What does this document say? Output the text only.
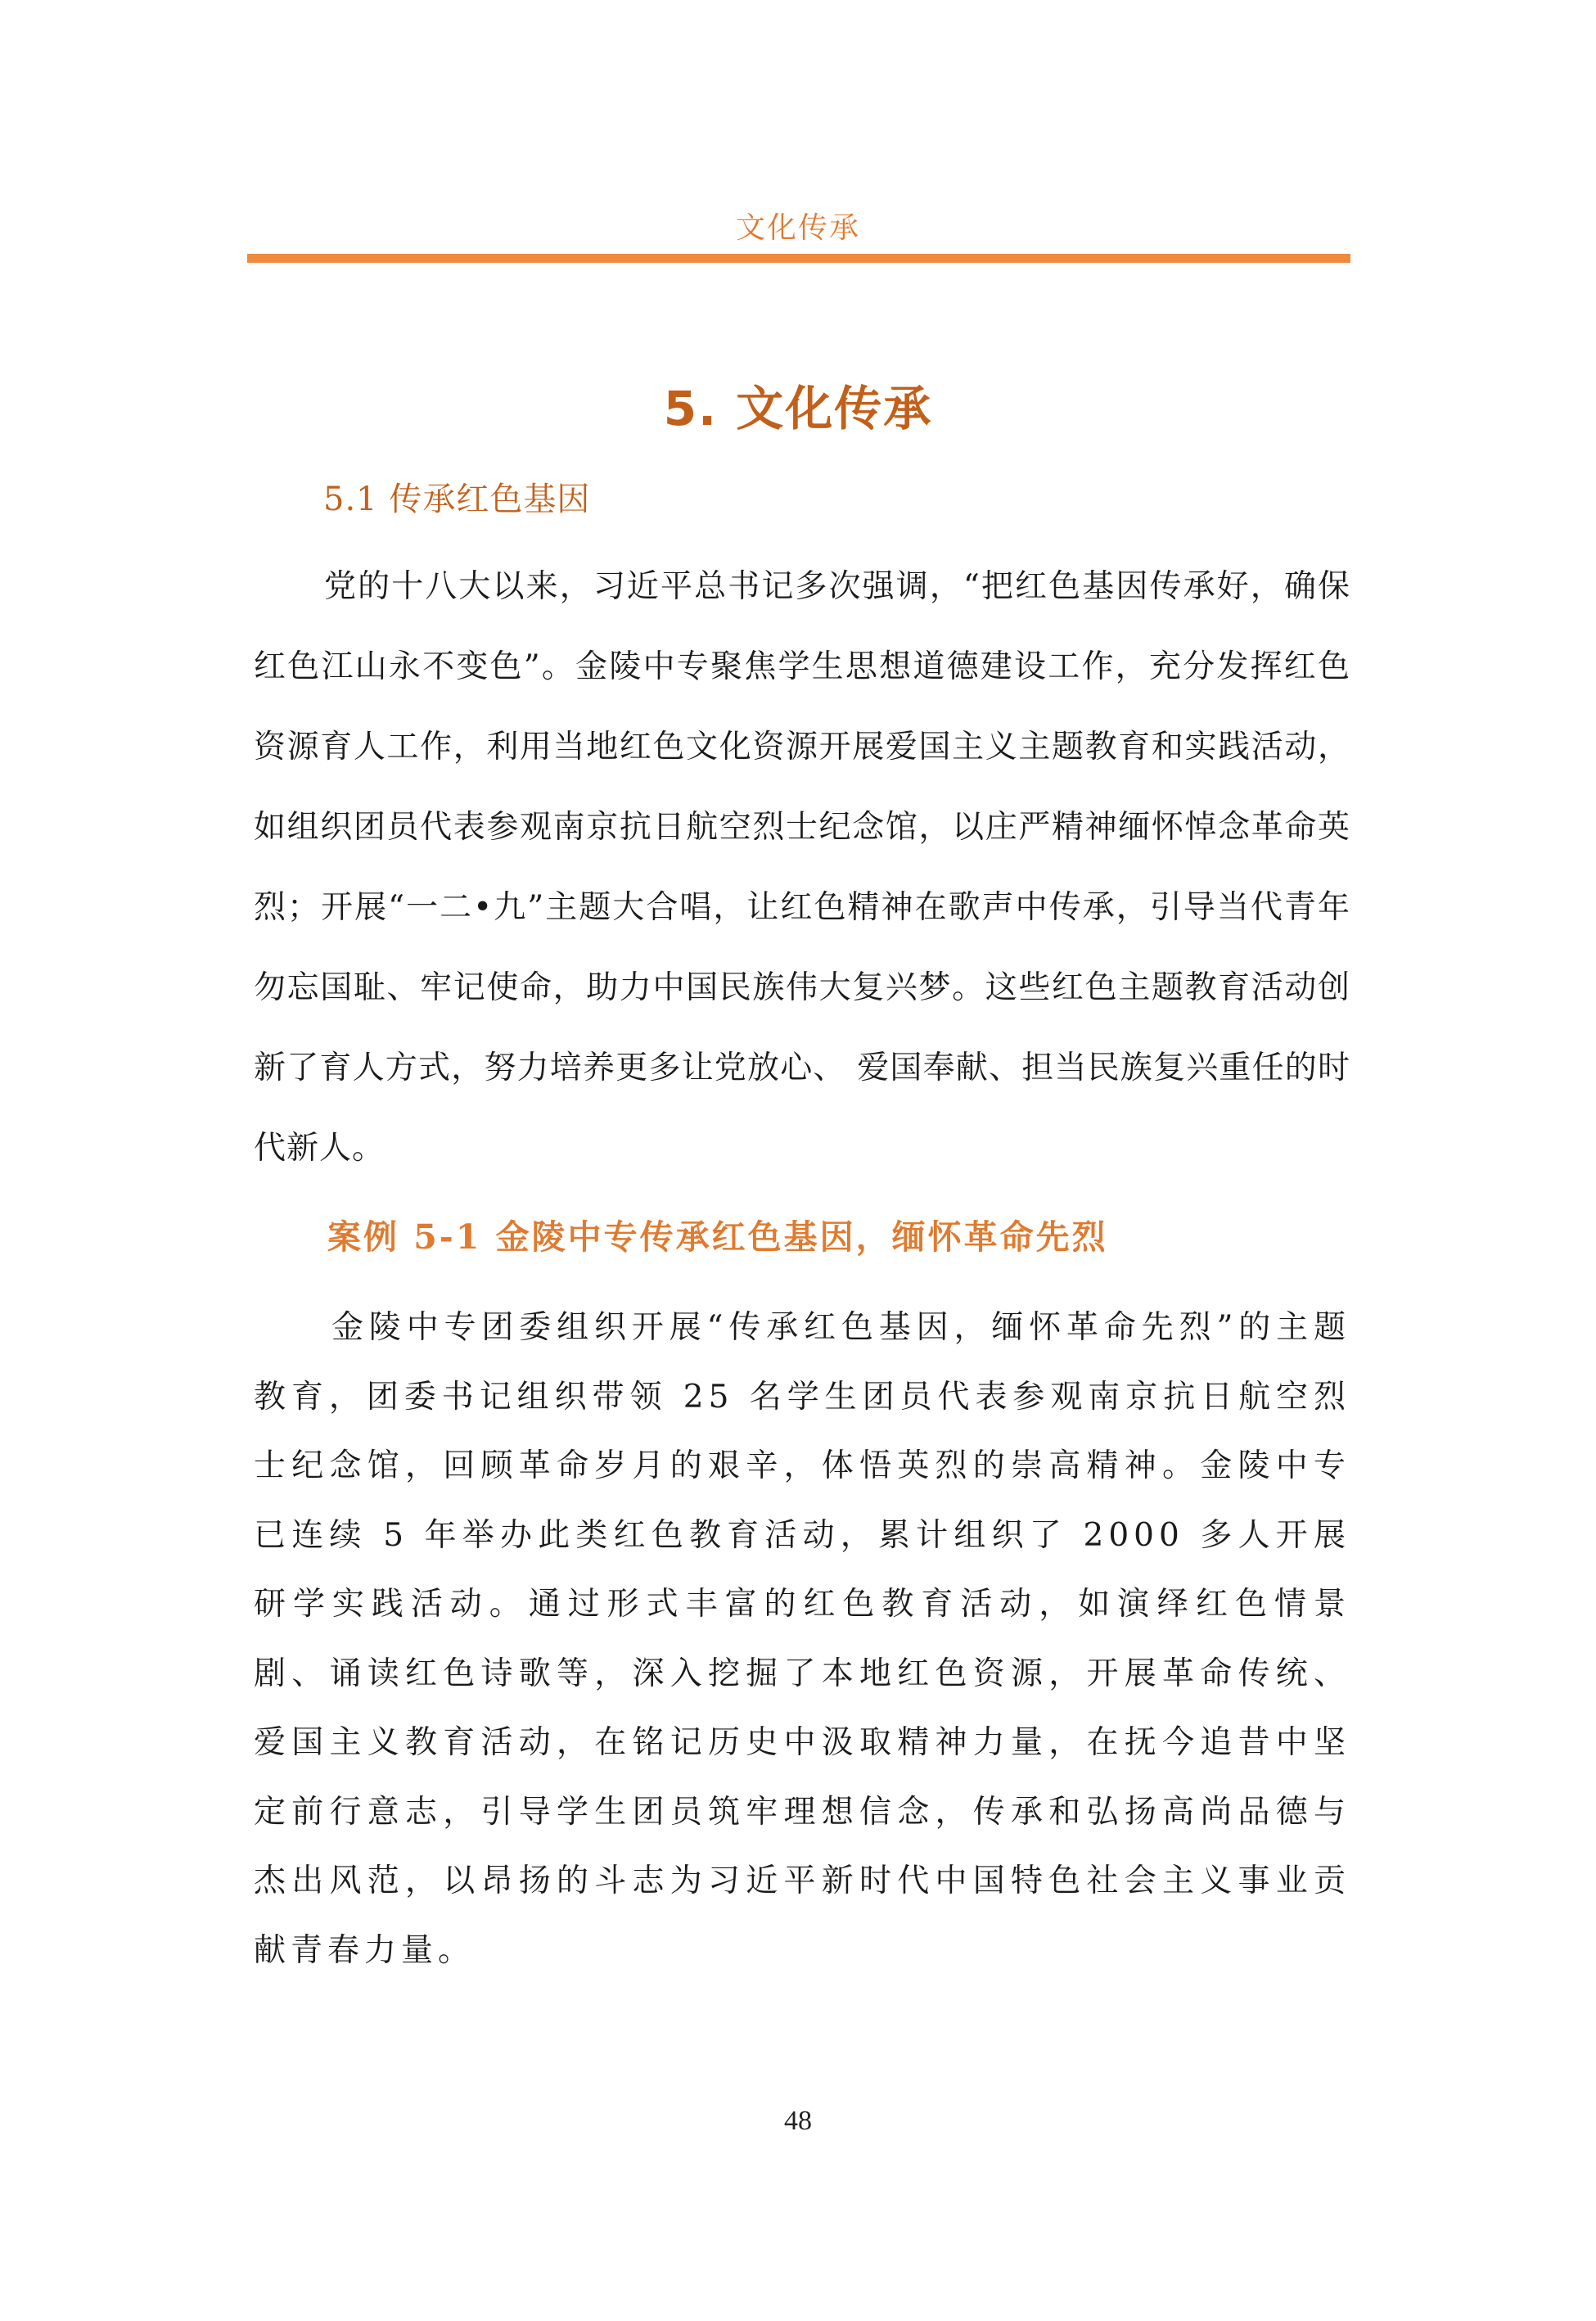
文化传承
5. 文化传承
5.1 传承红色基因

党的十八大以来，习近平总书记多次强调，“把红色基因传承好，确保红色江山永不变色”。金陵中专聚焦学生思想道德建设工作，充分发挥红色资源育人工作，利用当地红色文化资源开展爱国主义主题教育和实践活动，如组织团员代表参观南京抗日航空烈士纪念馆，以庄严精神缅怀悼念革命英烈；开展“一二•九”主题大合唱，让红色精神在歌声中传承，引导当代青年勿忘国耻、牢记使命，助力中国民族伟大复兴梦。这些红色主题教育活动创新了育人方式，努力培养更多让党放心、 爱国奉献、担当民族复兴重任的时代新人。

案例 5-1 金陵中专传承红色基因，缅怀革命先烈

金陵中专团委组织开展“传承红色基因，缅怀革命先烈”的主题教育，团委书记组织带领 25 名学生团员代表参观南京抗日航空烈士纪念馆，回顾革命岁月的艰辛，体悟英烈的崇高精神。金陵中专已连续 5 年举办此类红色教育活动，累计组织了 2000 多人开展研学实践活动。通过形式丰富的红色教育活动，如演绎红色情景剧、诵读红色诗歌等，深入挖掘了本地红色资源，开展革命传统、爱国主义教育活动，在铭记历史中汲取精神力量，在抚今追昔中坚定前行意志，引导学生团员筑牢理想信念，传承和弘扬高尚品德与杰出风范，以昂扬的斗志为习近平新时代中国特色社会主义事业贡献青春力量。

48
